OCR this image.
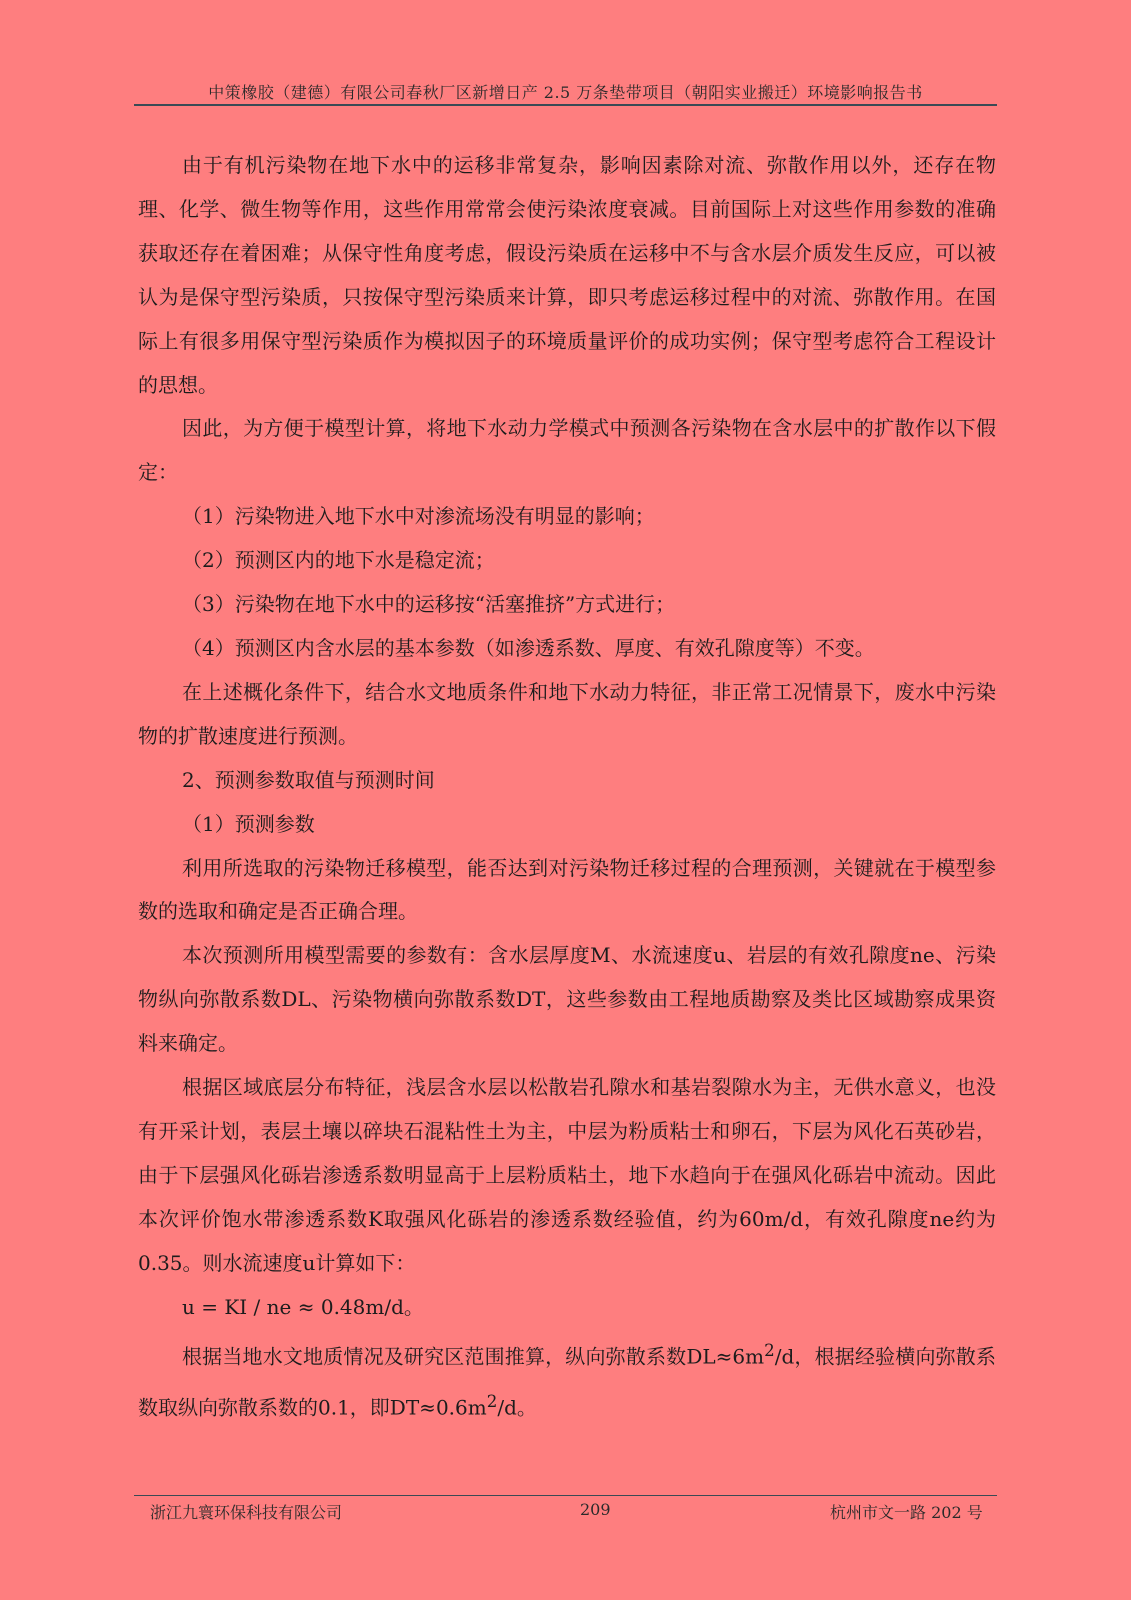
中策橡胶（建德）有限公司春秋厂区新增日产 2.5 万条垫带项目（朝阳实业搬迁）环境影响报告书

由于有机污染物在地下水中的运移非常复杂，影响因素除对流、弥散作用以外，还存在物理、化学、微生物等作用，这些作用常常会使污染浓度衰减。目前国际上对这些作用参数的准确获取还存在着困难；从保守性角度考虑，假设污染质在运移中不与含水层介质发生反应，可以被认为是保守型污染质，只按保守型污染质来计算，即只考虑运移过程中的对流、弥散作用。在国际上有很多用保守型污染质作为模拟因子的环境质量评价的成功实例；保守型考虑符合工程设计的思想。

因此，为方便于模型计算，将地下水动力学模式中预测各污染物在含水层中的扩散作以下假定：

（1）污染物进入地下水中对渗流场没有明显的影响；

（2）预测区内的地下水是稳定流；

（3）污染物在地下水中的运移按“活塞推挤”方式进行；

（4）预测区内含水层的基本参数（如渗透系数、厚度、有效孔隙度等）不变。

在上述概化条件下，结合水文地质条件和地下水动力特征，非正常工况情景下，废水中污染物的扩散速度进行预测。

2、预测参数取值与预测时间

（1）预测参数

利用所选取的污染物迁移模型，能否达到对污染物迁移过程的合理预测，关键就在于模型参数的选取和确定是否正确合理。

本次预测所用模型需要的参数有：含水层厚度M、水流速度u、岩层的有效孔隙度ne、污染物纵向弥散系数DL、污染物横向弥散系数DT，这些参数由工程地质勘察及类比区域勘察成果资料来确定。

根据区域底层分布特征，浅层含水层以松散岩孔隙水和基岩裂隙水为主，无供水意义，也没有开采计划，表层土壤以碎块石混粘性土为主，中层为粉质粘士和卵石，下层为风化石英砂岩，由于下层强风化砾岩渗透系数明显高于上层粉质粘土，地下水趋向于在强风化砾岩中流动。因此本次评价饱水带渗透系数K取强风化砾岩的渗透系数经验值，约为60m/d，有效孔隙度ne约为0.35。则水流速度u计算如下：

u = KI / ne ≈ 0.48m/d。

根据当地水文地质情况及研究区范围推算，纵向弥散系数$DL\approx 6m^2/d$，根据经验横向弥散系数取纵向弥散系数的0.1，即$DT\approx 0.6m^2/d$。

浙江九寰环保科技有限公司	209	杭州市文一路 202 号
